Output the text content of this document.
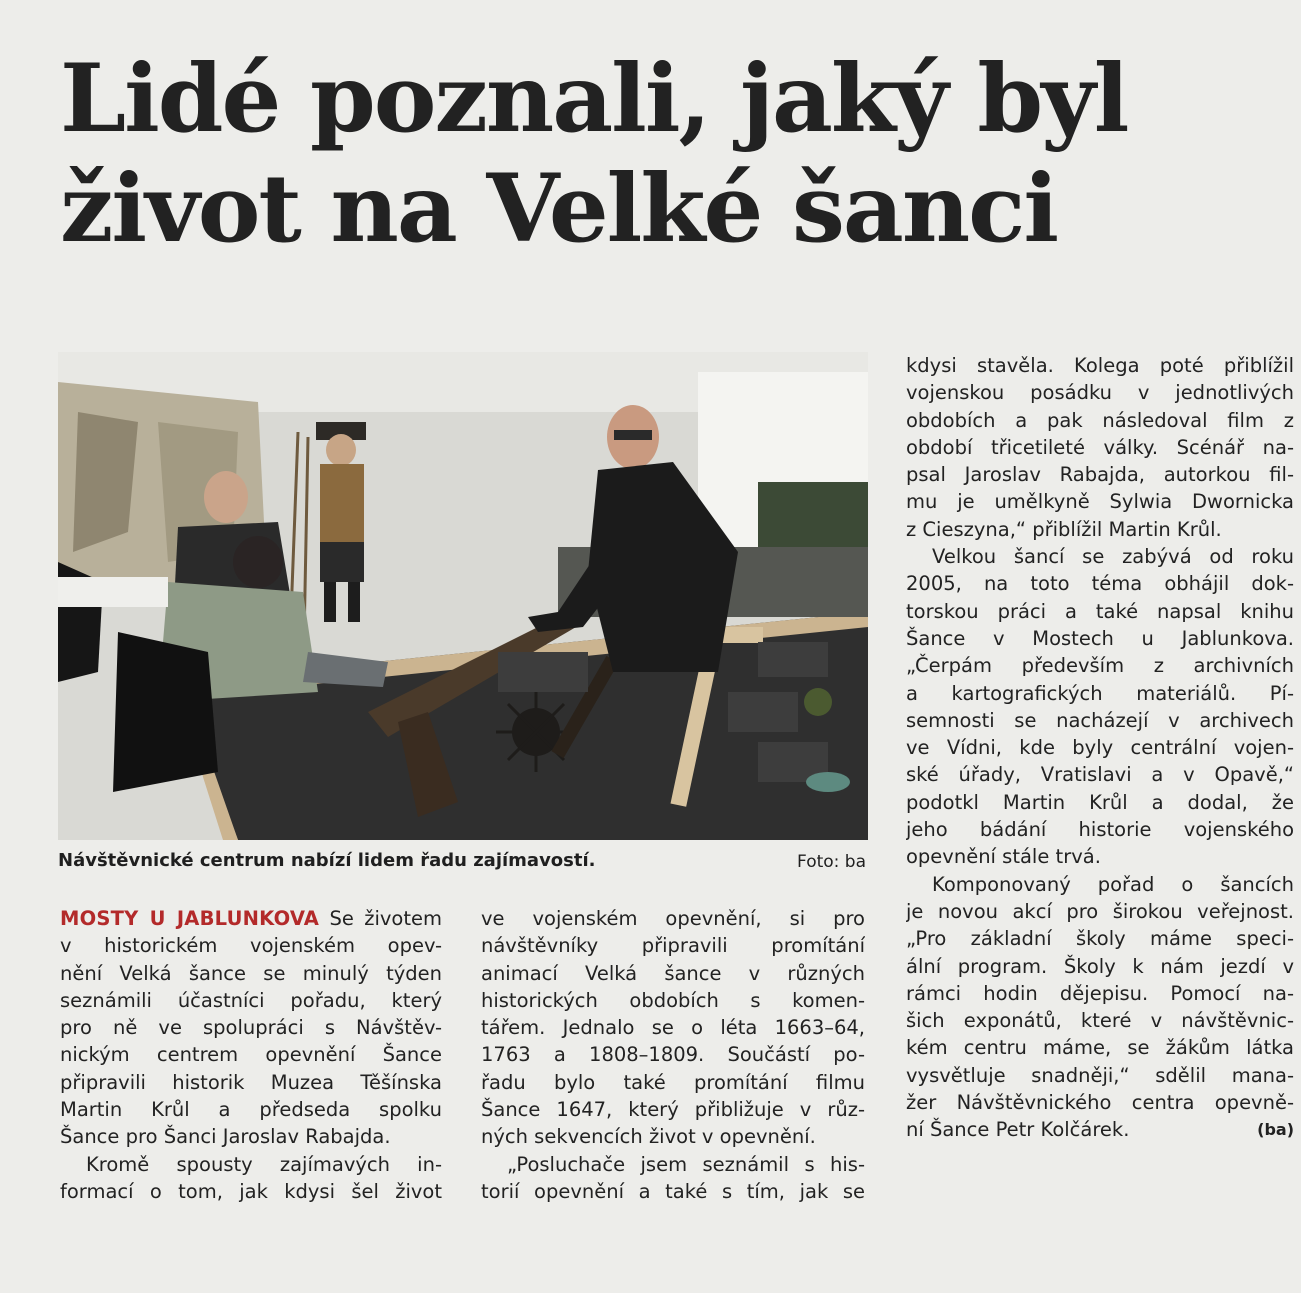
Lidé poznali, jaký byl
život na Velké šanci
Návštěvnické centrum nabízí lidem řadu zajímavostí.	Foto: ba
MOSTY U JABLUNKOVA Se životem
v historickém vojenském opev-
nění Velká šance se minulý týden
seznámili účastníci pořadu, který
pro ně ve spolupráci s Návštěv-
nickým centrem opevnění Šance
připravili historik Muzea Těšínska
Martin Krůl a předseda spolku
Šance pro Šanci Jaroslav Rabajda.
Kromě spousty zajímavých in-
formací o tom, jak kdysi šel život
ve vojenském opevnění, si pro
návštěvníky připravili promítání
animací Velká šance v různých
historických obdobích s komen-
tářem. Jednalo se o léta 1663–64,
1763 a 1808–1809. Součástí po-
řadu bylo také promítání filmu
Šance 1647, který přibližuje v růz-
ných sekvencích život v opevnění.
„Posluchače jsem seznámil s his-
torií opevnění a také s tím, jak se
kdysi stavěla. Kolega poté přiblížil
vojenskou posádku v jednotlivých
obdobích a pak následoval film z
období třicetileté války. Scénář na-
psal Jaroslav Rabajda, autorkou fil-
mu je umělkyně Sylwia Dwornicka
z Cieszyna,“ přiblížil Martin Krůl.
Velkou šancí se zabývá od roku
2005, na toto téma obhájil dok-
torskou práci a také napsal knihu
Šance v Mostech u Jablunkova.
„Čerpám především z archivních
a kartografických materiálů. Pí-
semnosti se nacházejí v archivech
ve Vídni, kde byly centrální vojen-
ské úřady, Vratislavi a v Opavě,“
podotkl Martin Krůl a dodal, že
jeho bádání historie vojenského
opevnění stále trvá.
Komponovaný pořad o šancích
je novou akcí pro širokou veřejnost.
„Pro základní školy máme speci-
ální program. Školy k nám jezdí v
rámci hodin dějepisu. Pomocí na-
šich exponátů, které v návštěvnic-
kém centru máme, se žákům látka
vysvětluje snadněji,“ sdělil mana-
žer Návštěvnického centra opevně-
ní Šance Petr Kolčárek.	(ba)
